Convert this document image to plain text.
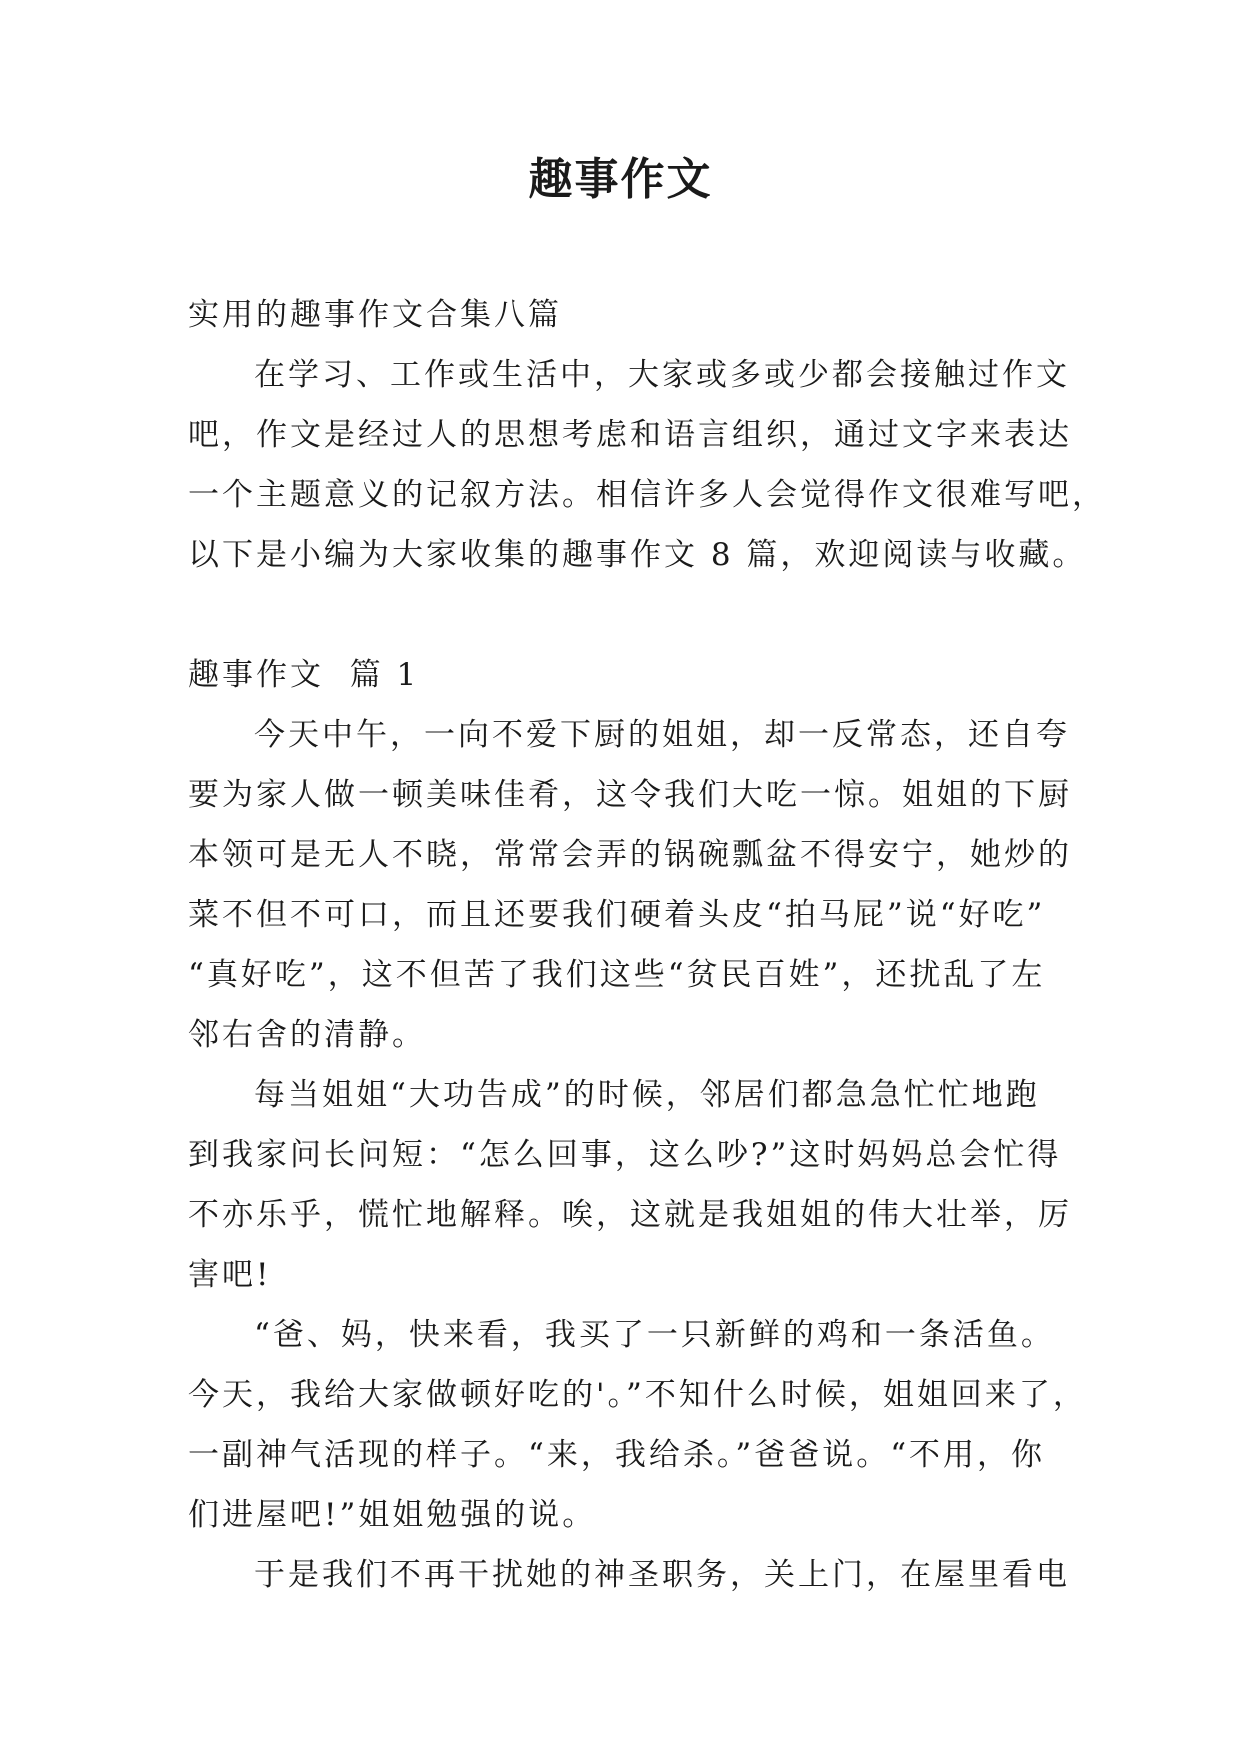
趣事作文

实用的趣事作文合集八篇

在学习、工作或生活中，大家或多或少都会接触过作文

吧，作文是经过人的思想考虑和语言组织，通过文字来表达

一个主题意义的记叙方法。相信许多人会觉得作文很难写吧，

以下是小编为大家收集的趣事作文 8 篇，欢迎阅读与收藏。

趣事作文  篇 1

今天中午，一向不爱下厨的姐姐，却一反常态，还自夸

要为家人做一顿美味佳肴，这令我们大吃一惊。姐姐的下厨

本领可是无人不晓，常常会弄的锅碗瓢盆不得安宁，她炒的

菜不但不可口，而且还要我们硬着头皮“拍马屁”说“好吃”

“真好吃”，这不但苦了我们这些“贫民百姓”，还扰乱了左

邻右舍的清静。

每当姐姐“大功告成”的时候，邻居们都急急忙忙地跑

到我家问长问短：“怎么回事，这么吵?”这时妈妈总会忙得

不亦乐乎，慌忙地解释。唉，这就是我姐姐的伟大壮举，厉

害吧!

“爸、妈，快来看，我买了一只新鲜的鸡和一条活鱼。

今天，我给大家做顿好吃的'。”不知什么时候，姐姐回来了，

一副神气活现的样子。“来，我给杀。”爸爸说。“不用，你

们进屋吧!”姐姐勉强的说。

于是我们不再干扰她的神圣职务，关上门，在屋里看电
